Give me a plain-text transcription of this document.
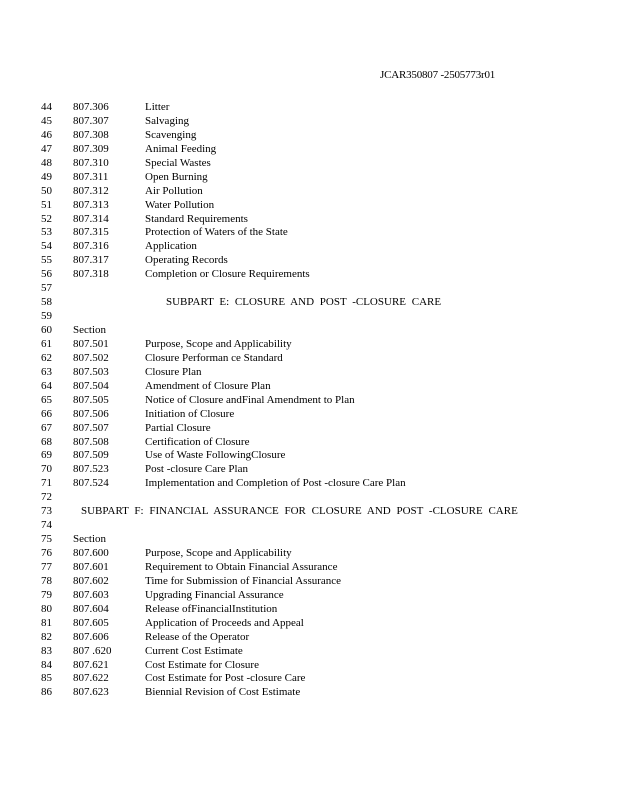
JCAR350807 -2505773r01
44 807.306	Litter
45 807.307	Salvaging
46 807.308	Scavenging
47 807.309	Animal Feeding
48 807.310	Special Wastes
49 807.311	Open Burning
50 807.312	Air Pollution
51 807.313	Water Pollution
52 807.314	Standard Requirements
53 807.315	Protection of Waters of the State
54 807.316	Application
55 807.317	Operating Records
56 807.318	Completion or Closure Requirements
57
58	SUBPART E: CLOSURE AND POST -CLOSURE CARE
59
60 Section
61 807.501	Purpose, Scope and Applicability
62 807.502	Closure Performan ce Standard
63 807.503	Closure Plan
64 807.504	Amendment of Closure Plan
65 807.505	Notice of Closure andFinal Amendment to Plan
66 807.506	Initiation of Closure
67 807.507	Partial Closure
68 807.508	Certification of Closure
69 807.509	Use of Waste FollowingClosure
70 807.523	Post -closure Care Plan
71 807.524	Implementation and Completion of Post -closure Care Plan
72
73	SUBPART F: FINANCIAL ASSURANCE FOR CLOSURE AND POST -CLOSURE CARE
74
75 Section
76 807.600	Purpose, Scope and Applicability
77 807.601	Requirement to Obtain Financial Assurance
78 807.602	Time for Submission of Financial Assurance
79 807.603	Upgrading Financial Assurance
80 807.604	Release ofFinancialInstitution
81 807.605	Application of Proceeds and Appeal
82 807.606	Release of the Operator
83 807 .620	Current Cost Estimate
84 807.621	Cost Estimate for Closure
85 807.622	Cost Estimate for Post -closure Care
86 807.623	Biennial Revision of Cost Estimate
